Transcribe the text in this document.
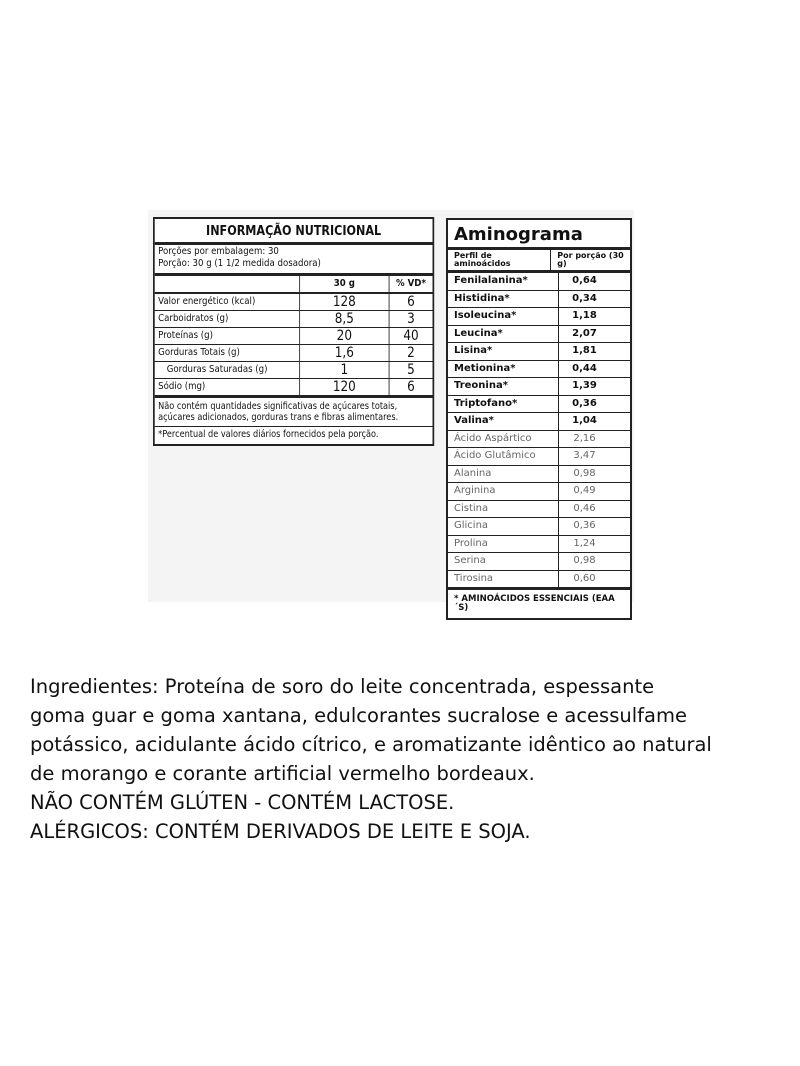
INFORMAÇÃO NUTRICIONAL
Porções por embalagem: 30
Porção: 30 g (1 1/2 medida dosadora)
	30 g	% VD*
Valor energético (kcal)	128	6
Carboidratos (g)	8,5	3
Proteínas (g)	20	40
Gorduras Totais (g)	1,6	2
Gorduras Saturadas (g)	1	5
Sódio (mg)	120	6
Não contém quantidades significativas de açúcares totais,
açúcares adicionados, gorduras trans e fibras alimentares.
*Percentual de valores diários fornecidos pela porção.
Aminograma
Perfil de aminoácidos
Por porção (30 g)
Fenilalanina*	0,64
Histidina*	0,34
Isoleucina*	1,18
Leucina*	2,07
Lisina*	1,81
Metionina*	0,44
Treonina*	1,39
Triptofano*	0,36
Valina*	1,04
Ácido Aspártico	2,16
Ácido Glutâmico	3,47
Alanina	0,98
Arginina	0,49
Cistina	0,46
Glicina	0,36
Prolina	1,24
Serina	0,98
Tirosina	0,60
* AMINOÁCIDOS ESSENCIAIS (EAA´S)
Ingredientes: Proteína de soro do leite concentrada, espessante
goma guar e goma xantana, edulcorantes sucralose e acessulfame
potássico, acidulante ácido cítrico, e aromatizante idêntico ao natural
de morango e corante artificial vermelho bordeaux.
NÃO CONTÉM GLÚTEN - CONTÉM LACTOSE.
ALÉRGICOS: CONTÉM DERIVADOS DE LEITE E SOJA.
